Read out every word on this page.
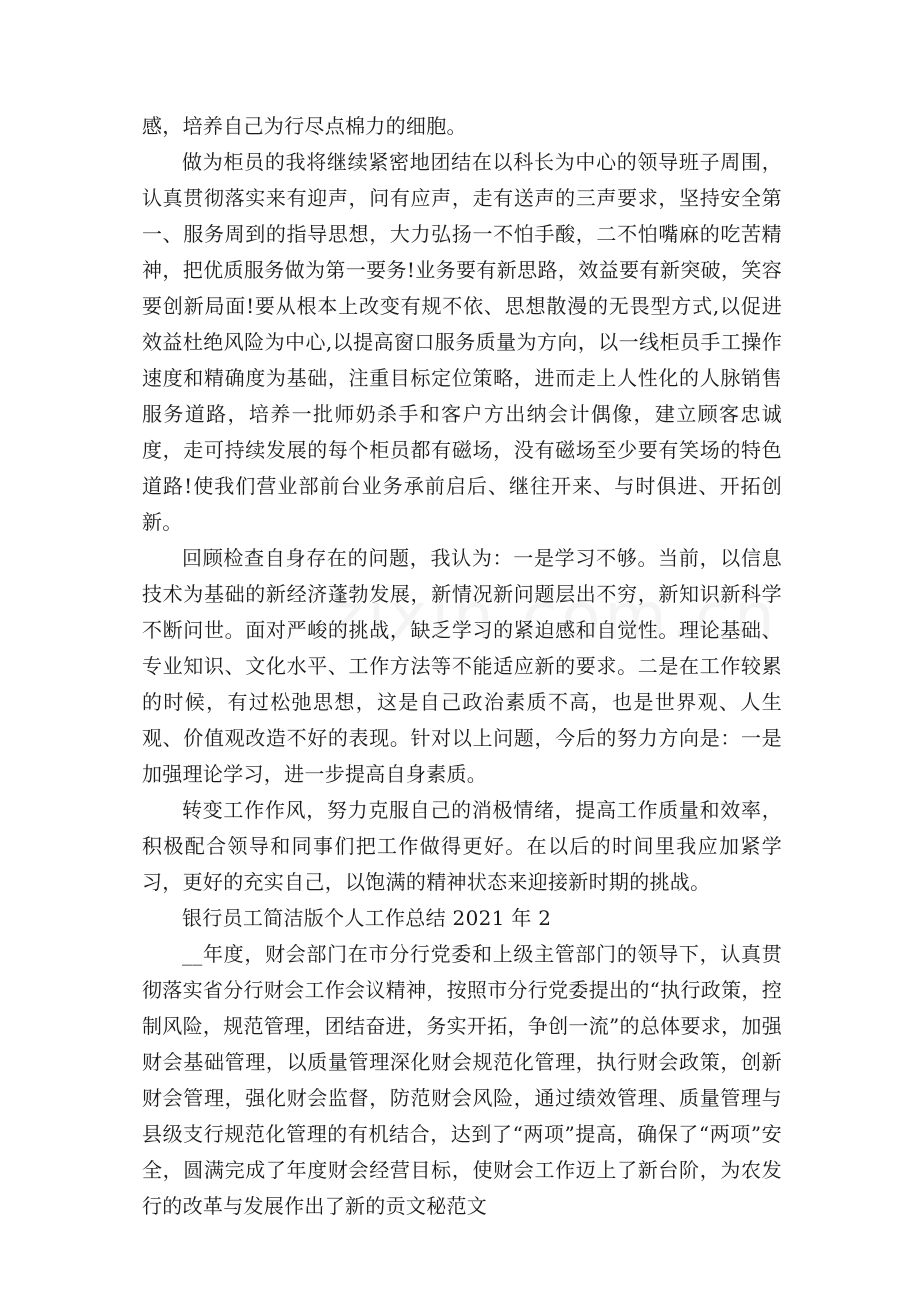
感，培养自己为行尽点棉力的细胞。

做为柜员的我将继续紧密地团结在以科长为中心的领导班子周围，认真贯彻落实来有迎声，问有应声，走有送声的三声要求，坚持安全第一、服务周到的指导思想，大力弘扬一不怕手酸，二不怕嘴麻的吃苦精神，把优质服务做为第一要务!业务要有新思路，效益要有新突破，笑容要创新局面!要从根本上改变有规不依、思想散漫的无畏型方式,以促进效益杜绝风险为中心,以提高窗口服务质量为方向，以一线柜员手工操作速度和精确度为基础，注重目标定位策略，进而走上人性化的人脉销售服务道路，培养一批师奶杀手和客户方出纳会计偶像，建立顾客忠诚度，走可持续发展的每个柜员都有磁场，没有磁场至少要有笑场的特色道路!使我们营业部前台业务承前启后、继往开来、与时俱进、开拓创新。

回顾检查自身存在的问题，我认为：一是学习不够。当前，以信息技术为基础的新经济蓬勃发展，新情况新问题层出不穷，新知识新科学不断问世。面对严峻的挑战，缺乏学习的紧迫感和自觉性。理论基础、专业知识、文化水平、工作方法等不能适应新的要求。二是在工作较累的时候，有过松弛思想，这是自己政治素质不高，也是世界观、人生观、价值观改造不好的表现。针对以上问题，今后的努力方向是：一是加强理论学习，进一步提高自身素质。

转变工作作风，努力克服自己的消极情绪，提高工作质量和效率，积极配合领导和同事们把工作做得更好。在以后的时间里我应加紧学习，更好的充实自己，以饱满的精神状态来迎接新时期的挑战。

银行员工简洁版个人工作总结 2021 年 2

__年度，财会部门在市分行党委和上级主管部门的领导下，认真贯彻落实省分行财会工作会议精神，按照市分行党委提出的“执行政策，控制风险，规范管理，团结奋进，务实开拓，争创一流”的总体要求，加强财会基础管理，以质量管理深化财会规范化管理，执行财会政策，创新财会管理，强化财会监督，防范财会风险，通过绩效管理、质量管理与县级支行规范化管理的有机结合，达到了“两项”提高，确保了“两项”安全，圆满完成了年度财会经营目标，使财会工作迈上了新台阶，为农发行的改革与发展作出了新的贡文秘范文
